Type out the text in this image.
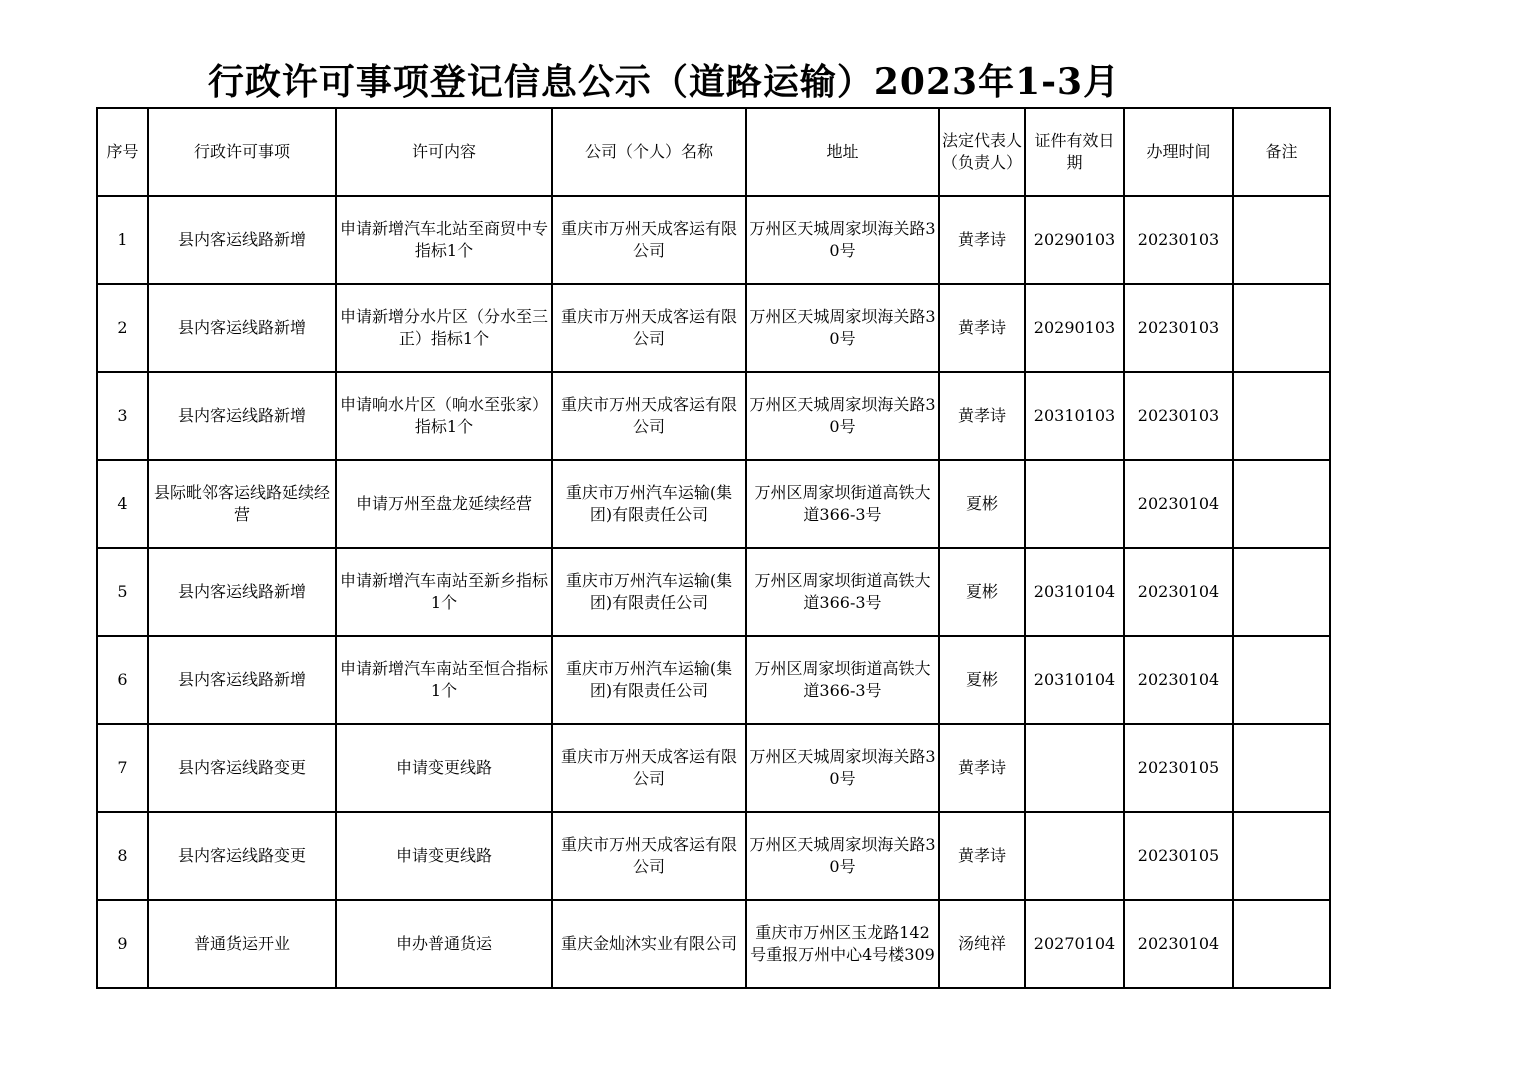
行政许可事项登记信息公示（道路运输）2023年1-3月
序号	行政许可事项	许可内容	公司（个人）名称	地址	法定代表人（负责人）	证件有效日期	办理时间	备注
1	县内客运线路新增	申请新增汽车北站至商贸中专指标1个	重庆市万州天成客运有限公司	万州区天城周家坝海关路30号	黄孝诗	20290103	20230103	
2	县内客运线路新增	申请新增分水片区（分水至三正）指标1个	重庆市万州天成客运有限公司	万州区天城周家坝海关路30号	黄孝诗	20290103	20230103	
3	县内客运线路新增	申请响水片区（响水至张家）指标1个	重庆市万州天成客运有限公司	万州区天城周家坝海关路30号	黄孝诗	20310103	20230103	
4	县际毗邻客运线路延续经营	申请万州至盘龙延续经营	重庆市万州汽车运输(集团)有限责任公司	万州区周家坝街道高铁大道366-3号	夏彬		20230104	
5	县内客运线路新增	申请新增汽车南站至新乡指标1个	重庆市万州汽车运输(集团)有限责任公司	万州区周家坝街道高铁大道366-3号	夏彬	20310104	20230104	
6	县内客运线路新增	申请新增汽车南站至恒合指标1个	重庆市万州汽车运输(集团)有限责任公司	万州区周家坝街道高铁大道366-3号	夏彬	20310104	20230104	
7	县内客运线路变更	申请变更线路	重庆市万州天成客运有限公司	万州区天城周家坝海关路30号	黄孝诗		20230105	
8	县内客运线路变更	申请变更线路	重庆市万州天成客运有限公司	万州区天城周家坝海关路30号	黄孝诗		20230105	
9	普通货运开业	申办普通货运	重庆金灿沐实业有限公司	重庆市万州区玉龙路142号重报万州中心4号楼309	汤纯祥	20270104	20230104	
